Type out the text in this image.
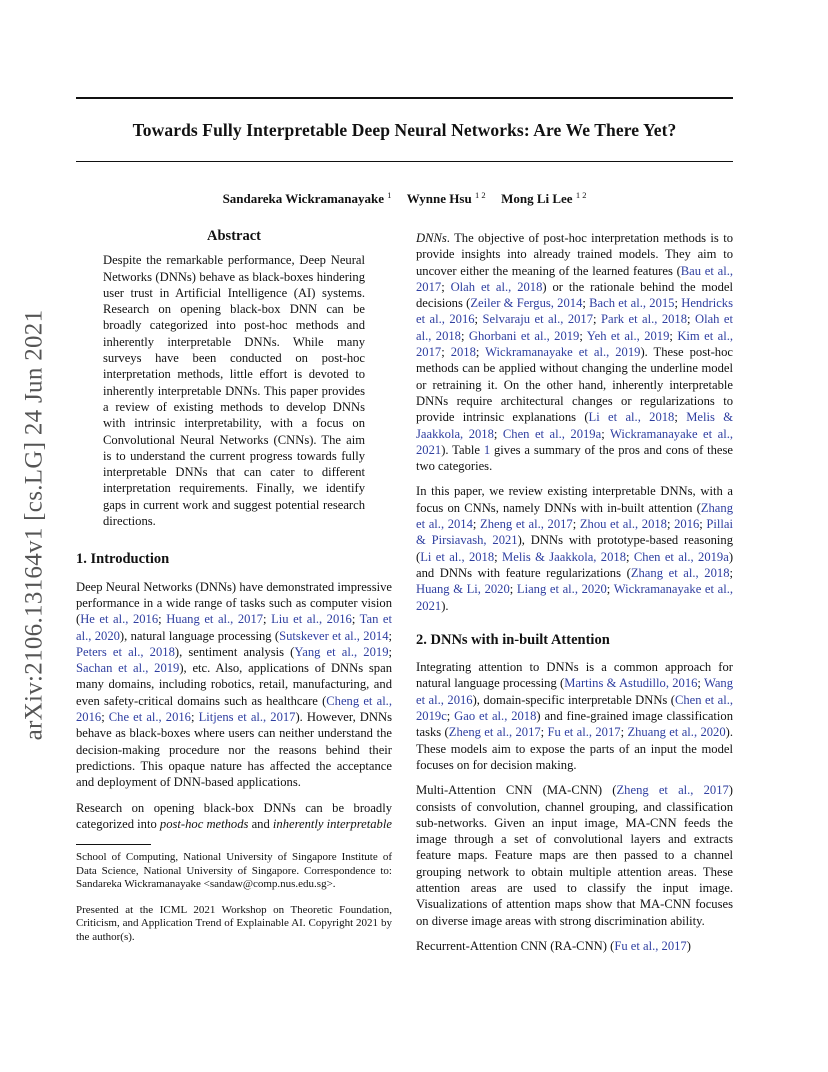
Towards Fully Interpretable Deep Neural Networks: Are We There Yet?
Sandareka Wickramanayake $^1$ Wynne Hsu $^{1 2}$ Mong Li Lee $^{1 2}$
arXiv:2106.13164v1 [cs.LG] 24 Jun 2021
Abstract
Despite the remarkable performance, Deep Neural Networks (DNNs) behave as black-boxes hindering user trust in Artificial Intelligence (AI) systems. Research on opening black-box DNN can be broadly categorized into post-hoc methods and inherently interpretable DNNs. While many surveys have been conducted on post-hoc interpretation methods, little effort is devoted to inherently interpretable DNNs. This paper provides a review of existing methods to develop DNNs with intrinsic interpretability, with a focus on Convolutional Neural Networks (CNNs). The aim is to understand the current progress towards fully interpretable DNNs that can cater to different interpretation requirements. Finally, we identify gaps in current work and suggest potential research directions.
1. Introduction

Deep Neural Networks (DNNs) have demonstrated impressive performance in a wide range of tasks such as computer vision (He et al., 2016; Huang et al., 2017; Liu et al., 2016; Tan et al., 2020), natural language processing (Sutskever et al., 2014; Peters et al., 2018), sentiment analysis (Yang et al., 2019; Sachan et al., 2019), etc. Also, applications of DNNs span many domains, including robotics, retail, manufacturing, and even safety-critical domains such as healthcare (Cheng et al., 2016; Che et al., 2016; Litjens et al., 2017). However, DNNs behave as black-boxes where users can neither understand the decision-making procedure nor the reasons behind their predictions. This opaque nature has affected the acceptance and deployment of DNN-based applications.

Research on opening black-box DNNs can be broadly categorized into post-hoc methods and inherently interpretable

School of Computing, National University of Singapore Institute of Data Science, National University of Singapore. Correspondence to: Sandareka Wickramanayake <sandaw@comp.nus.edu.sg>.
Presented at the ICML 2021 Workshop on Theoretic Foundation, Criticism, and Application Trend of Explainable AI. Copyright 2021 by the author(s).

DNNs. The objective of post-hoc interpretation methods is to provide insights into already trained models. They aim to uncover either the meaning of the learned features (Bau et al., 2017; Olah et al., 2018) or the rationale behind the model decisions (Zeiler & Fergus, 2014; Bach et al., 2015; Hendricks et al., 2016; Selvaraju et al., 2017; Park et al., 2018; Olah et al., 2018; Ghorbani et al., 2019; Yeh et al., 2019; Kim et al., 2017; 2018; Wickramanayake et al., 2019). These post-hoc methods can be applied without changing the underline model or retraining it. On the other hand, inherently interpretable DNNs require architectural changes or regularizations to provide intrinsic explanations (Li et al., 2018; Melis & Jaakkola, 2018; Chen et al., 2019a; Wickramanayake et al., 2021). Table 1 gives a summary of the pros and cons of these two categories.

In this paper, we review existing interpretable DNNs, with a focus on CNNs, namely DNNs with in-built attention (Zhang et al., 2014; Zheng et al., 2017; Zhou et al., 2018; 2016; Pillai & Pirsiavash, 2021), DNNs with prototype-based reasoning (Li et al., 2018; Melis & Jaakkola, 2018; Chen et al., 2019a) and DNNs with feature regularizations (Zhang et al., 2018; Huang & Li, 2020; Liang et al., 2020; Wickramanayake et al., 2021).

2. DNNs with in-built Attention

Integrating attention to DNNs is a common approach for natural language processing (Martins & Astudillo, 2016; Wang et al., 2016), domain-specific interpretable DNNs (Chen et al., 2019c; Gao et al., 2018) and fine-grained image classification tasks (Zheng et al., 2017; Fu et al., 2017; Zhuang et al., 2020). These models aim to expose the parts of an input the model focuses on for decision making.

Multi-Attention CNN (MA-CNN) (Zheng et al., 2017) consists of convolution, channel grouping, and classification sub-networks. Given an input image, MA-CNN feeds the image through a set of convolutional layers and extracts feature maps. Feature maps are then passed to a channel grouping network to obtain multiple attention areas. These attention areas are used to classify the input image. Visualizations of attention maps show that MA-CNN focuses on diverse image areas with strong discrimination ability.

Recurrent-Attention CNN (RA-CNN) (Fu et al., 2017)
